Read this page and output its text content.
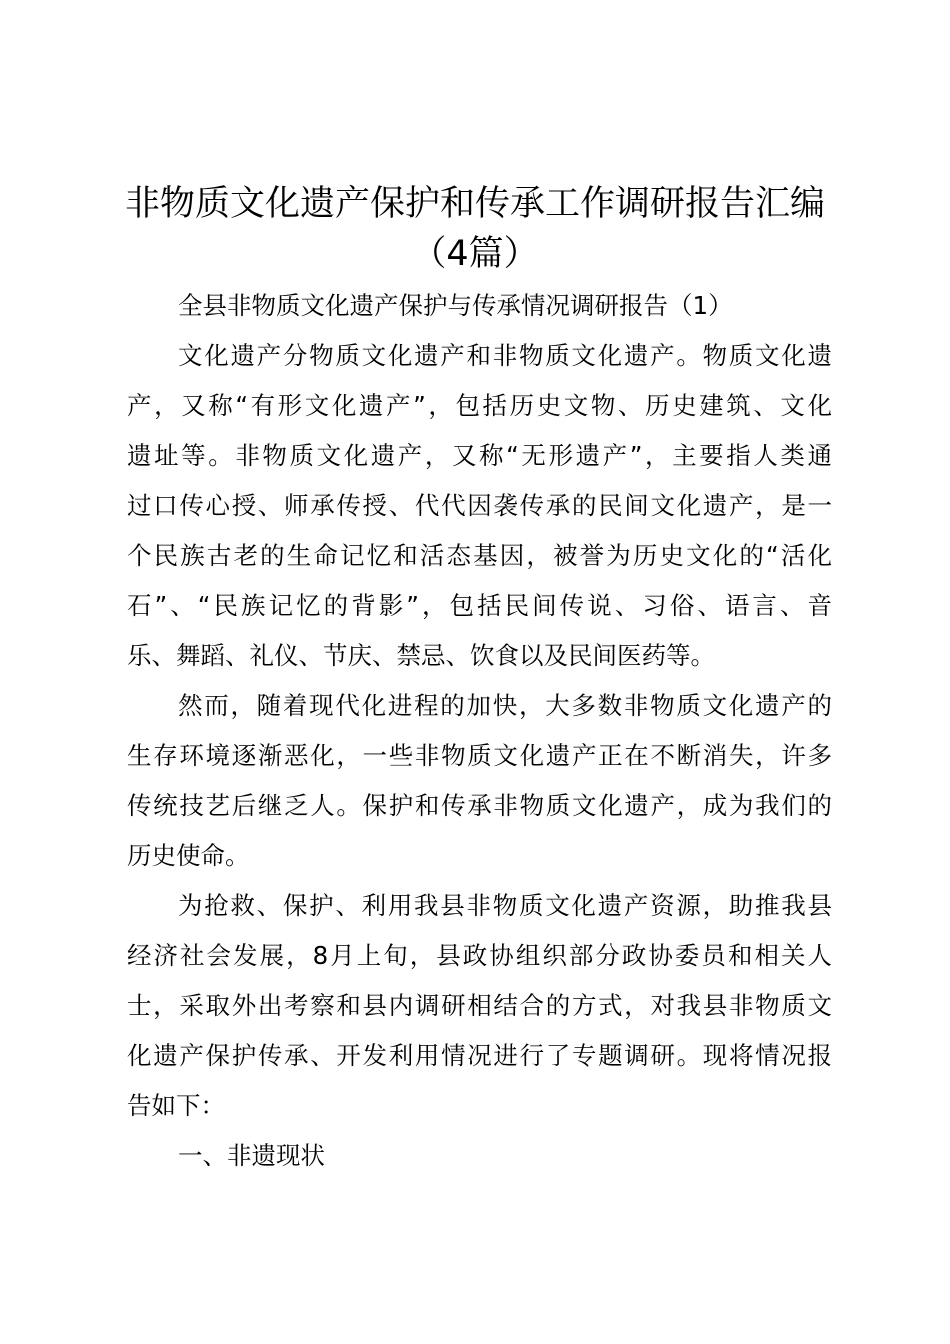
非物质文化遗产保护和传承工作调研报告汇编
（4篇）
全县非物质文化遗产保护与传承情况调研报告（1）
文化遗产分物质文化遗产和非物质文化遗产。物质文化遗
产，又称“有形文化遗产”，包括历史文物、历史建筑、文化
遗址等。非物质文化遗产，又称“无形遗产”，主要指人类通
过口传心授、师承传授、代代因袭传承的民间文化遗产，是一
个民族古老的生命记忆和活态基因，被誉为历史文化的“活化
石”、“民族记忆的背影”，包括民间传说、习俗、语言、音
乐、舞蹈、礼仪、节庆、禁忌、饮食以及民间医药等。
然而，随着现代化进程的加快，大多数非物质文化遗产的
生存环境逐渐恶化，一些非物质文化遗产正在不断消失，许多
传统技艺后继乏人。保护和传承非物质文化遗产，成为我们的
历史使命。
为抢救、保护、利用我县非物质文化遗产资源，助推我县
经济社会发展，8月上旬，县政协组织部分政协委员和相关人
士，采取外出考察和县内调研相结合的方式，对我县非物质文
化遗产保护传承、开发利用情况进行了专题调研。现将情况报
告如下：
一、非遗现状
